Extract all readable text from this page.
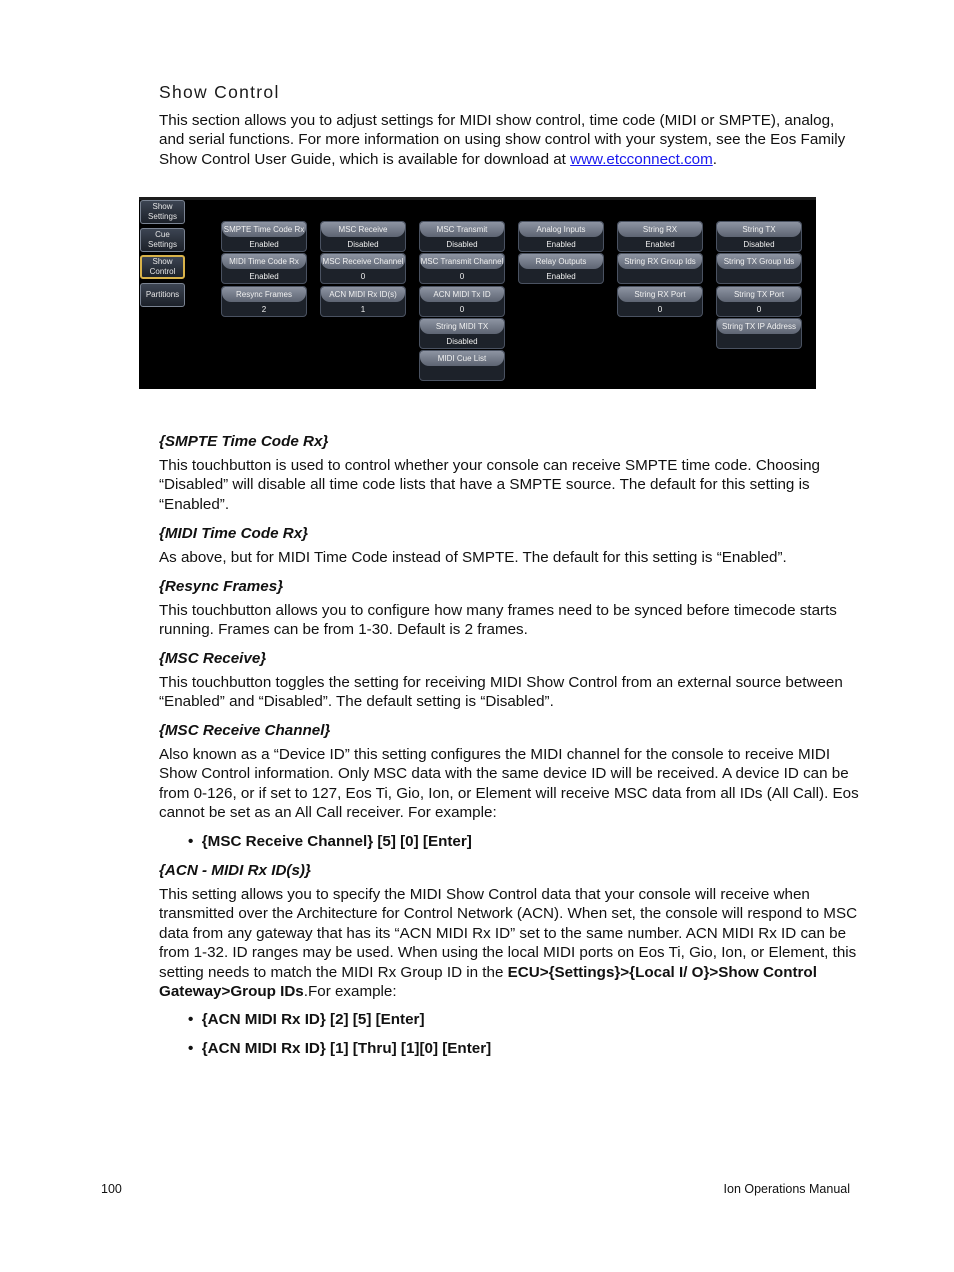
Show Control

This section allows you to adjust settings for MIDI show control, time code (MIDI or SMPTE), analog, and serial functions. For more information on using show control with your system, see the Eos Family Show Control User Guide, which is available for download at www.etcconnect.com.

Show Settings
Cue Settings
Show Control
Partitions
SMPTE Time Code Rx
Enabled
MIDI Time Code Rx
Enabled
Resync Frames
2
MSC Receive
Disabled
MSC Receive Channel
0
ACN MIDI Rx ID(s)
1
MSC Transmit
Disabled
MSC Transmit Channel
0
ACN MIDI Tx ID
0
String MIDI TX
Disabled
MIDI Cue List
Analog Inputs
Enabled
Relay Outputs
Enabled
String RX
Enabled
String RX Group Ids
String RX Port
0
String TX
Disabled
String TX Group Ids
String TX Port
0
String TX IP Address
{SMPTE Time Code Rx}

This touchbutton is used to control whether your console can receive SMPTE time code. Choosing “Disabled” will disable all time code lists that have a SMPTE source. The default for this setting is “Enabled”.

{MIDI Time Code Rx}

As above, but for MIDI Time Code instead of SMPTE. The default for this setting is “Enabled”.

{Resync Frames}

This touchbutton allows you to configure how many frames need to be synced before timecode starts running. Frames can be from 1-30. Default is 2 frames.

{MSC Receive}

This touchbutton toggles the setting for receiving MIDI Show Control from an external source between “Enabled” and “Disabled”. The default setting is “Disabled”.

{MSC Receive Channel}

Also known as a “Device ID” this setting configures the MIDI channel for the console to receive MIDI Show Control information. Only MSC data with the same device ID will be received. A device ID can be from 0-126, or if set to 127, Eos Ti, Gio, Ion, or Element will receive MSC data from all IDs (All Call). Eos cannot be set as an All Call receiver. For example:

•  {MSC Receive Channel} [5] [0] [Enter]

{ACN - MIDI Rx ID(s)}

This setting allows you to specify the MIDI Show Control data that your console will receive when transmitted over the Architecture for Control Network (ACN). When set, the console will respond to MSC data from any gateway that has its “ACN MIDI Rx ID” set to the same number. ACN MIDI Rx ID can be from 1-32. ID ranges may be used. When using the local MIDI ports on Eos Ti, Gio, Ion, or Element, this setting needs to match the MIDI Rx Group ID in the ECU>{Settings}>{Local I/ O}>Show Control Gateway>Group IDs.For example:

•  {ACN MIDI Rx ID} [2] [5] [Enter]

•  {ACN MIDI Rx ID} [1] [Thru] [1][0] [Enter]

100	Ion Operations Manual
